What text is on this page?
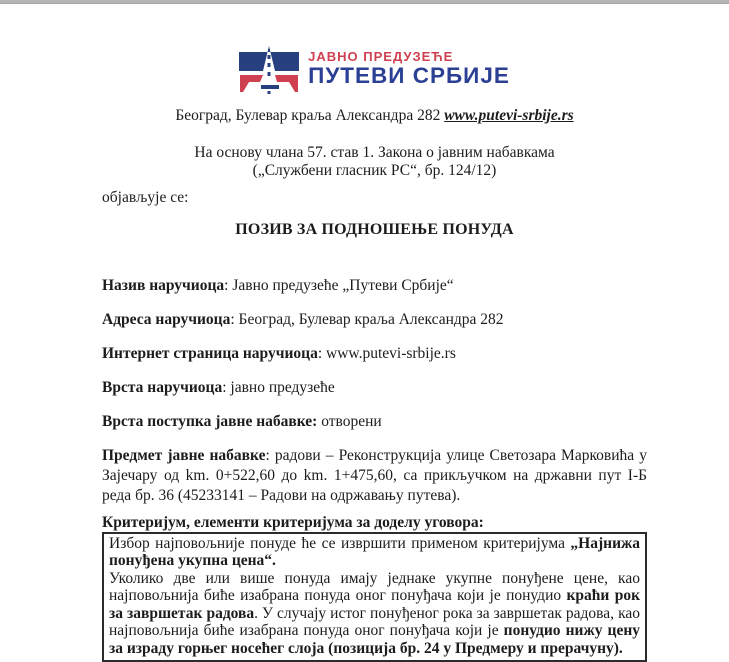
ЈАВНО ПРЕДУЗЕЋЕ
ПУТЕВИ СРБИЈЕ
Београд, Булевар краља Александра 282 www.putevi-srbije.rs
На основу члана 57. став 1. Закона о јавним набавкама
(„Службени гласник РС“, бр. 124/12)
објављује се:
ПОЗИВ ЗА ПОДНОШЕЊЕ ПОНУДА
Назив наручиоца: Јавно предузеће „Путеви Србије“
Адреса наручиоца: Београд, Булевар краља Александра 282
Интернет страница наручиоца: www.putevi-srbije.rs
Врста наручиоца: јавно предузеће
Врста поступка јавне набавке: отворени
Предмет јавне набавке: радови – Реконструкција улице Светозара Марковића у Зајечару од km. 0+522,60 до km. 1+475,60, са прикључком на државни пут I-Б реда бр. 36 (45233141 – Радови на одржавању путева).
Критеријум, елементи критеријума за доделу уговора:

Избор најповољније понуде ће се извршити применом критеријума „Најнижа понуђена укупна цена“.

Уколико две или више понуда имају једнаке укупне понуђене цене, као најповољнија биће изабрана понуда оног понуђача који је понудио краћи рок за завршетак радова. У случају истог понуђеног рока за завршетак радова, као најповољнија биће изабрана понуда оног понуђача који је понудио нижу цену за израду горњег носећег слоја (позиција бр. 24 у Предмеру и прерачуну).
